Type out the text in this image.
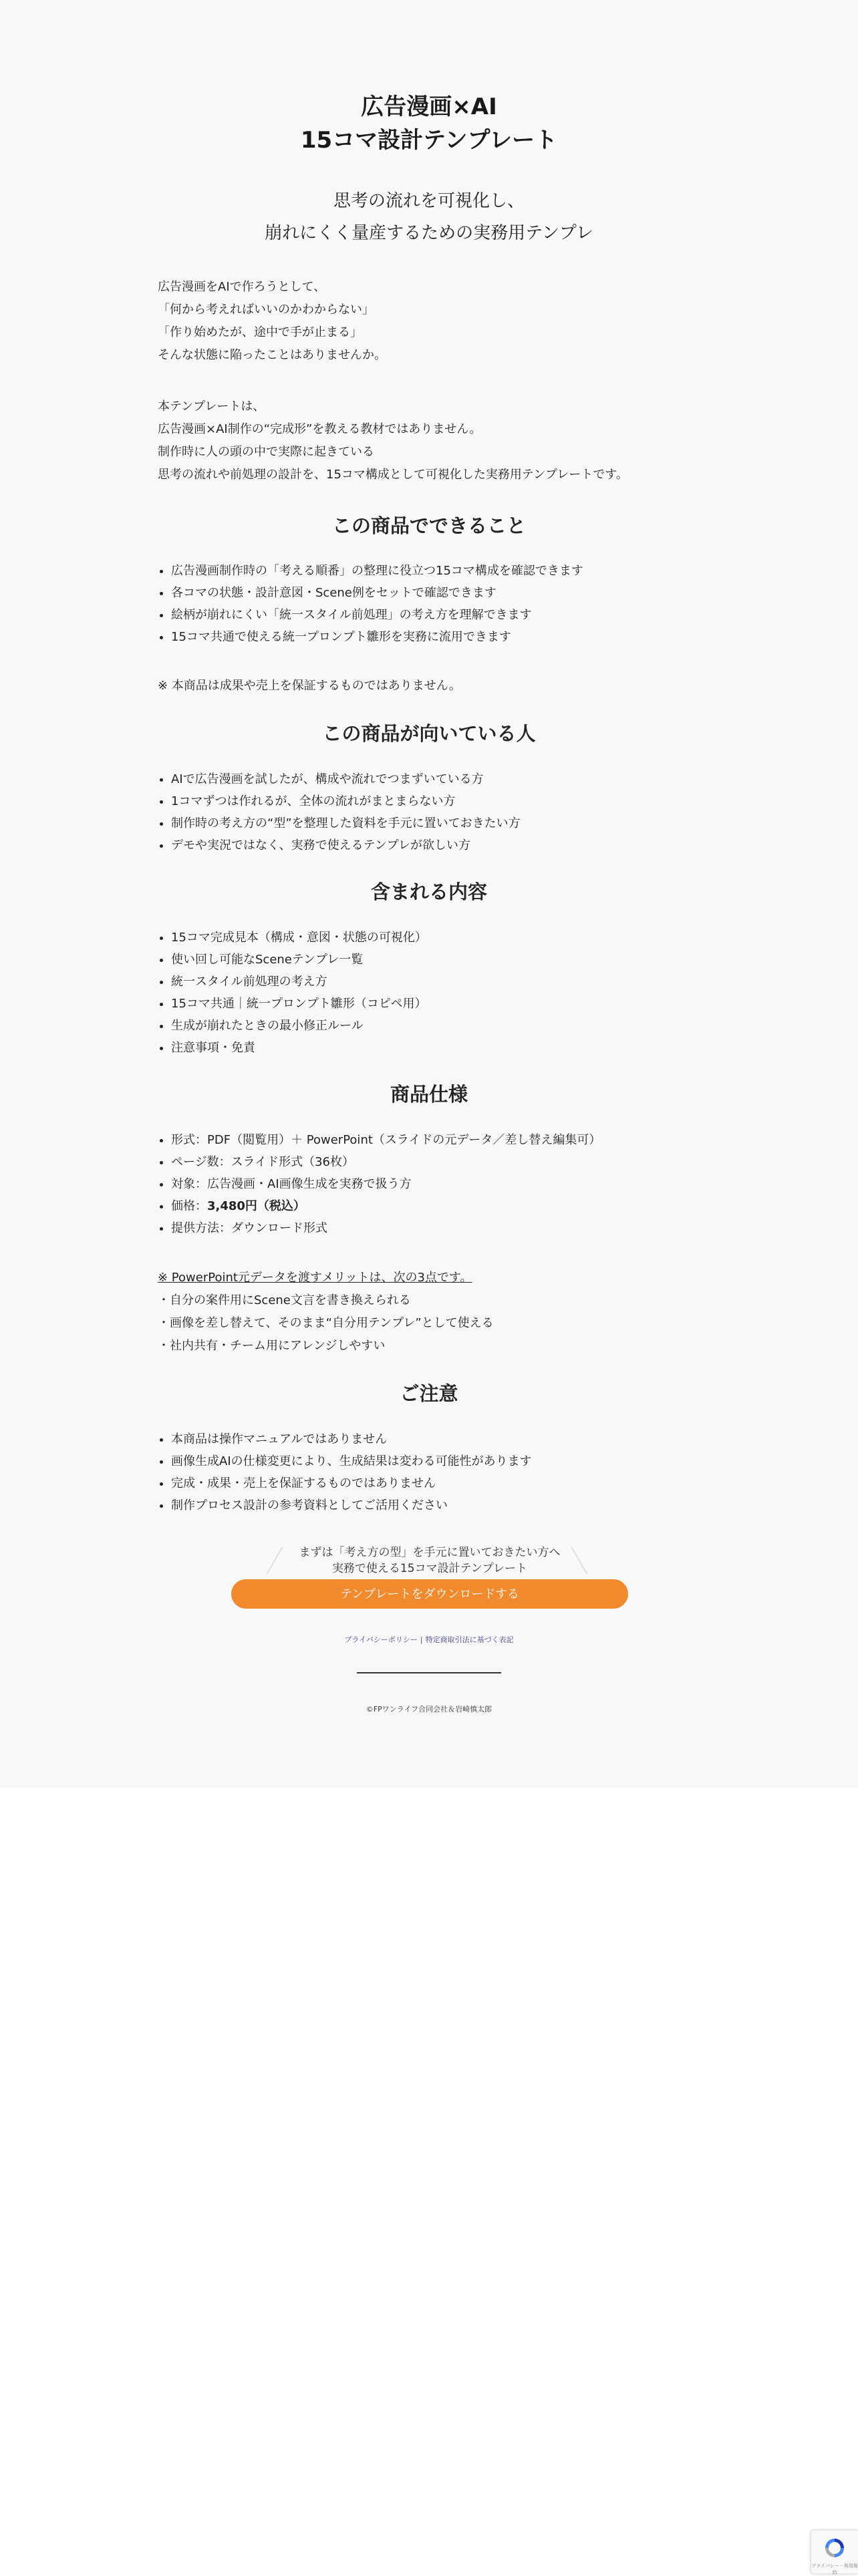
広告漫画×AI
15コマ設計テンプレート
思考の流れを可視化し、
崩れにくく量産するための実務用テンプレ
広告漫画をAIで作ろうとして、
「何から考えればいいのかわからない」
「作り始めたが、途中で手が止まる」
そんな状態に陥ったことはありませんか。
本テンプレートは、
広告漫画×AI制作の“完成形”を教える教材ではありません。
制作時に人の頭の中で実際に起きている
思考の流れや前処理の設計を、15コマ構成として可視化した実務用テンプレートです。
この商品でできること
• 広告漫画制作時の「考える順番」の整理に役立つ15コマ構成を確認できます
• 各コマの状態・設計意図・Scene例をセットで確認できます
• 絵柄が崩れにくい「統一スタイル前処理」の考え方を理解できます
• 15コマ共通で使える統一プロンプト雛形を実務に流用できます
※ 本商品は成果や売上を保証するものではありません。
この商品が向いている人
• AIで広告漫画を試したが、構成や流れでつまずいている方
• 1コマずつは作れるが、全体の流れがまとまらない方
• 制作時の考え方の“型”を整理した資料を手元に置いておきたい方
• デモや実況ではなく、実務で使えるテンプレが欲しい方
含まれる内容
• 15コマ完成見本（構成・意図・状態の可視化）
• 使い回し可能なSceneテンプレ一覧
• 統一スタイル前処理の考え方
• 15コマ共通｜統一プロンプト雛形（コピペ用）
• 生成が崩れたときの最小修正ルール
• 注意事項・免責
商品仕様
• 形式：PDF（閲覧用）＋ PowerPoint（スライドの元データ／差し替え編集可）
• ページ数：スライド形式（36枚）
• 対象：広告漫画・AI画像生成を実務で扱う方
• 価格：3,480円（税込）
• 提供方法：ダウンロード形式
※ PowerPoint元データを渡すメリットは、次の3点です。
・自分の案件用にScene文言を書き換えられる
・画像を差し替えて、そのまま“自分用テンプレ”として使える
・社内共有・チーム用にアレンジしやすい
ご注意
• 本商品は操作マニュアルではありません
• 画像生成AIの仕様変更により、生成結果は変わる可能性があります
• 完成・成果・売上を保証するものではありません
• 制作プロセス設計の参考資料としてご活用ください
まずは「考え方の型」を手元に置いておきたい方へ
実務で使える15コマ設計テンプレート
テンプレートをダウンロードする
プライバシーポリシー | 特定商取引法に基づく表記
©FPワンライフ合同会社＆岩崎慎太郎
プライバシー - 利用規約
